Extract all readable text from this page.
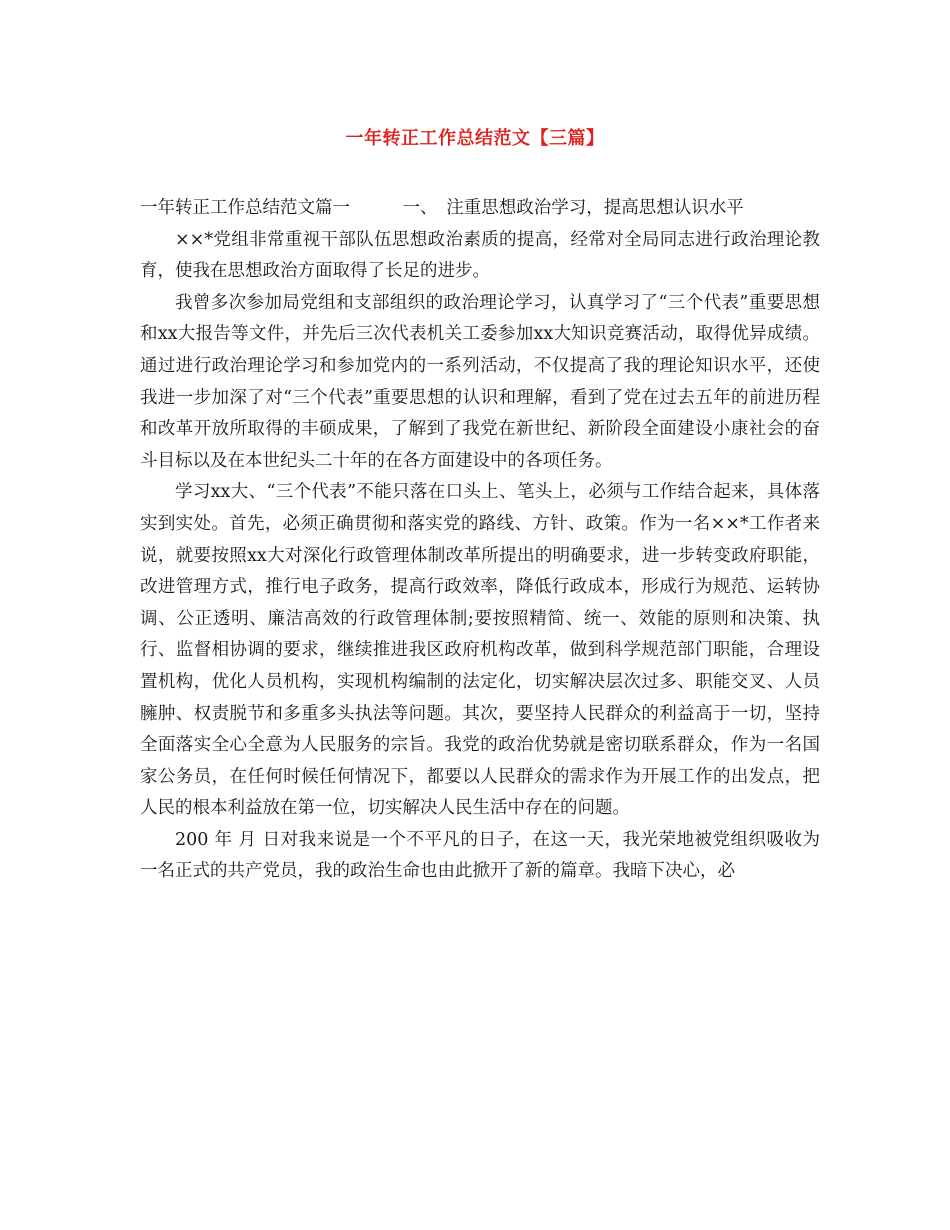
一年转正工作总结范文【三篇】

一年转正工作总结范文篇一　　　一、　注重思想政治学习，提高思想认识水平

××*党组非常重视干部队伍思想政治素质的提高，经常对全局同志进行政治理论教育，使我在思想政治方面取得了长足的进步。

我曾多次参加局党组和支部组织的政治理论学习，认真学习了“三个代表”重要思想和xx大报告等文件，并先后三次代表机关工委参加xx大知识竞赛活动，取得优异成绩。通过进行政治理论学习和参加党内的一系列活动，不仅提高了我的理论知识水平，还使我进一步加深了对“三个代表”重要思想的认识和理解，看到了党在过去五年的前进历程和改革开放所取得的丰硕成果，了解到了我党在新世纪、新阶段全面建设小康社会的奋斗目标以及在本世纪头二十年的在各方面建设中的各项任务。

学习xx大、“三个代表”不能只落在口头上、笔头上，必须与工作结合起来，具体落实到实处。首先，必须正确贯彻和落实党的路线、方针、政策。作为一名××*工作者来说，就要按照xx大对深化行政管理体制改革所提出的明确要求，进一步转变政府职能，改进管理方式，推行电子政务，提高行政效率，降低行政成本，形成行为规范、运转协调、公正透明、廉洁高效的行政管理体制;要按照精简、统一、效能的原则和决策、执行、监督相协调的要求，继续推进我区政府机构改革，做到科学规范部门职能，合理设置机构，优化人员机构，实现机构编制的法定化，切实解决层次过多、职能交叉、人员臃肿、权责脱节和多重多头执法等问题。其次，要坚持人民群众的利益高于一切，坚持全面落实全心全意为人民服务的宗旨。我党的政治优势就是密切联系群众，作为一名国家公务员，在任何时候任何情况下，都要以人民群众的需求作为开展工作的出发点，把人民的根本利益放在第一位，切实解决人民生活中存在的问题。

200 年 月 日对我来说是一个不平凡的日子，在这一天，我光荣地被党组织吸收为一名正式的共产党员，我的政治生命也由此掀开了新的篇章。我暗下决心，必
